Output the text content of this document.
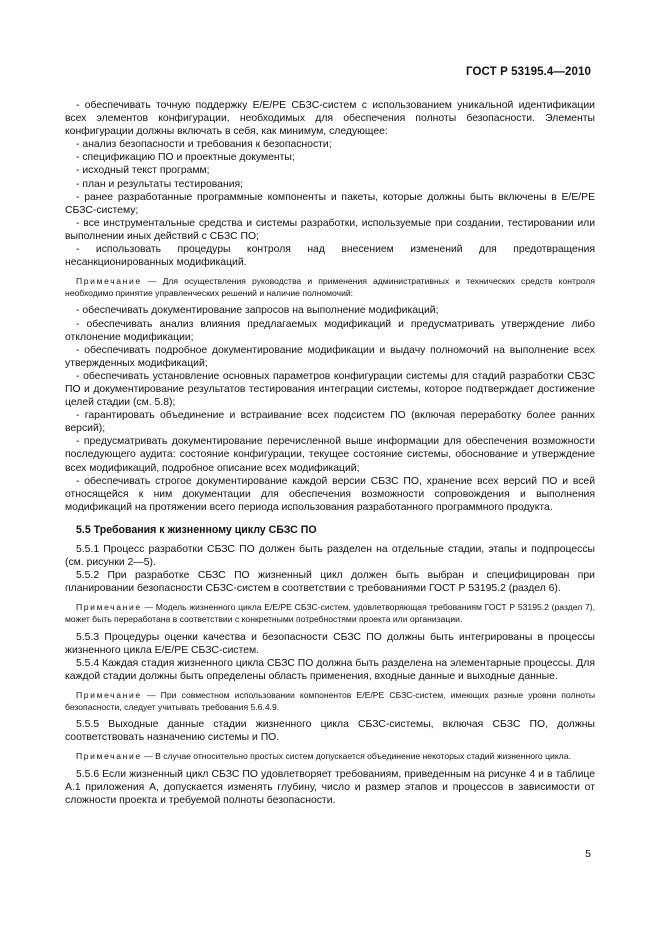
ГОСТ Р 53195.4—2010

- обеспечивать точную поддержку Е/Е/РЕ СБЗС-систем с использованием уникальной идентификации всех элементов конфигурации, необходимых для обеспечения полноты безопасности. Элементы конфигурации должны включать в себя, как минимум, следующее:

- анализ безопасности и требования к безопасности;

- спецификацию ПО и проектные документы;

- исходный текст программ;

- план и результаты тестирования;

- ранее разработанные программные компоненты и пакеты, которые должны быть включены в Е/Е/РЕ СБЗС-систему;

- все инструментальные средства и системы разработки, используемые при создании, тестировании или выполнении иных действий с СБЗС ПО;

- использовать процедуры контроля над внесением изменений для предотвращения несанкционированных модификаций.

Примечание — Для осуществления руководства и применения административных и технических средств контроля необходимо принятие управленческих решений и наличие полномочий:

- обеспечивать документирование запросов на выполнение модификаций;

- обеспечивать анализ влияния предлагаемых модификаций и предусматривать утверждение либо отклонение модификации;

- обеспечивать подробное документирование модификации и выдачу полномочий на выполнение всех утвержденных модификаций;

- обеспечивать установление основных параметров конфигурации системы для стадий разработки СБЗС ПО и документирование результатов тестирования интеграции системы, которое подтверждает достижение целей стадии (см. 5.8);

- гарантировать объединение и встраивание всех подсистем ПО (включая переработку более ранних версий);

- предусматривать документирование перечисленной выше информации для обеспечения возможности последующего аудита: состояние конфигурации, текущее состояние системы, обоснование и утверждение всех модификаций, подробное описание всех модификаций;

- обеспечивать строгое документирование каждой версии СБЗС ПО, хранение всех версий ПО и всей относящейся к ним документации для обеспечения возможности сопровождения и выполнения модификаций на протяжении всего периода использования разработанного программного продукта.

5.5 Требования к жизненному циклу СБЗС ПО

5.5.1 Процесс разработки СБЗС ПО должен быть разделен на отдельные стадии, этапы и подпроцессы (см. рисунки 2—5).

5.5.2 При разработке СБЗС ПО жизненный цикл должен быть выбран и специфицирован при планировании безопасности СБЗС-систем в соответствии с требованиями ГОСТ Р 53195.2 (раздел 6).

Примечание — Модель жизненного цикла Е/Е/РЕ СБЗС-систем, удовлетворяющая требованиям ГОСТ Р 53195.2 (раздел 7), может быть переработана в соответствии с конкретными потребностями проекта или организации.

5.5.3 Процедуры оценки качества и безопасности СБЗС ПО должны быть интегрированы в процессы жизненного цикла Е/Е/РЕ СБЗС-систем.

5.5.4 Каждая стадия жизненного цикла СБЗС ПО должна быть разделена на элементарные процессы. Для каждой стадии должны быть определены область применения, входные данные и выходные данные.

Примечание — При совместном использовании компонентов Е/Е/РЕ СБЗС-систем, имеющих разные уровни полноты безопасности, следует учитывать требования 5.6.4.9.

5.5.5 Выходные данные стадии жизненного цикла СБЗС-системы, включая СБЗС ПО, должны соответствовать назначению системы и ПО.

Примечание — В случае относительно простых систем допускается объединение некоторых стадий жизненного цикла.

5.5.6 Если жизненный цикл СБЗС ПО удовлетворяет требованиям, приведенным на рисунке 4 и в таблице А.1 приложения А, допускается изменять глубину, число и размер этапов и процессов в зависимости от сложности проекта и требуемой полноты безопасности.

5
